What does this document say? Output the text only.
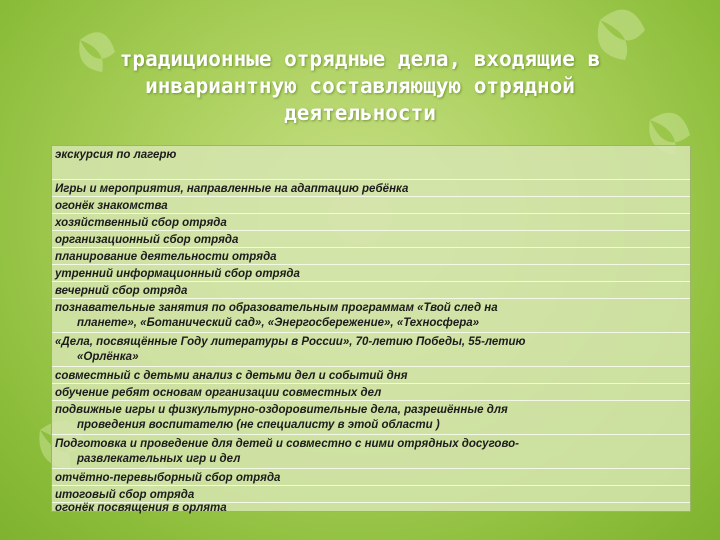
традиционные отрядные дела, входящие в
инвариантную составляющую отрядной
деятельности
экскурсия по лагерю
Игры и мероприятия, направленные на адаптацию ребёнка
огонёк знакомства
хозяйственный сбор отряда
организационный сбор отряда
планирование деятельности отряда
утренний информационный сбор отряда
вечерний сбор отряда
познавательные занятия по образовательным программам «Твой след на
планете», «Ботанический сад», «Энергосбережение», «Техносфера»
«Дела, посвящённые Году литературы в России», 70-летию Победы, 55-летию
«Орлёнка»
совместный с детьми анализ с детьми дел и событий дня
обучение ребят основам организации совместных дел
подвижные игры и физкультурно-оздоровительные дела, разрешённые для
проведения воспитателю (не специалисту в этой области )
Подготовка и проведение для детей и совместно с ними отрядных досугово-
развлекательных игр и дел
отчётно-перевыборный сбор отряда
итоговый сбор отряда
огонёк посвящения в орлята
